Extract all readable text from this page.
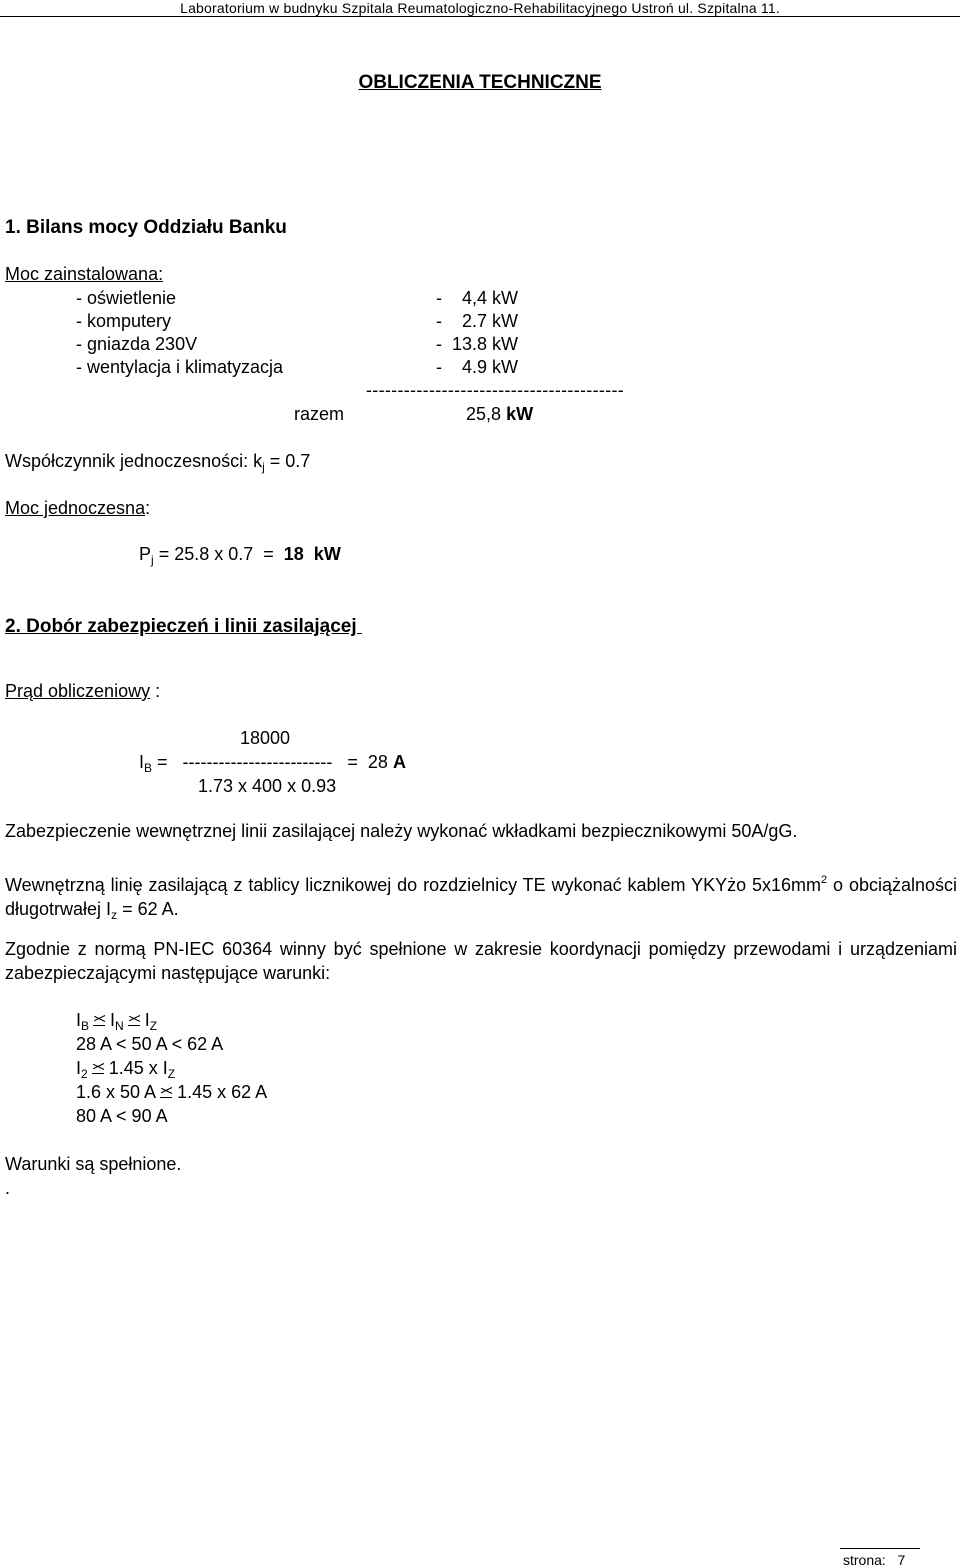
Laboratorium w budnyku Szpitala Reumatologiczno-Rehabilitacyjnego Ustroń ul. Szpitalna 11.
OBLICZENIA TECHNICZNE
1. Bilans mocy Oddziału Banku
Moc zainstalowana:
- oświetlenie	-    4,4 kW
- komputery	-    2.7 kW
- gniazda 230V	-  13.8 kW
- wentylacja i klimatyzacja	-    4.9 kW
-----------------------------------------
razem	25,8 kW
Współczynnik jednoczesności: $k_j = 0.7$
Moc jednoczesna:
$P_j = 25.8$ x 0.7  =  18  kW
2. Dobór zabezpieczeń i linii zasilającej
Prąd obliczeniowy :
18000
$I_B$ =   -------------------------   =  28 A
1.73 x 400 x 0.93
Zabezpieczenie wewnętrznej linii zasilającej należy wykonać wkładkami bezpiecznikowymi 50A/gG.
Wewnętrzną linię zasilającą z tablicy licznikowej do rozdzielnicy TE wykonać kablem YKYżo $5x16mm^2$ o obciążalności długotrwałej $I_z = 62$ A.
Zgodnie z normą PN-IEC 60364 winny być spełnione w zakresie koordynacji pomiędzy przewodami i urządzeniami zabezpieczającymi następujące warunki:
$I_B$ $I_N$ $I_Z$
28 A < 50 A < 62 A
$I_2$ 1.45 x $I_Z$
1.6 x 50 A 1.45 x 62 A
80 A < 90 A
Warunki są spełnione.
.
strona: 7
